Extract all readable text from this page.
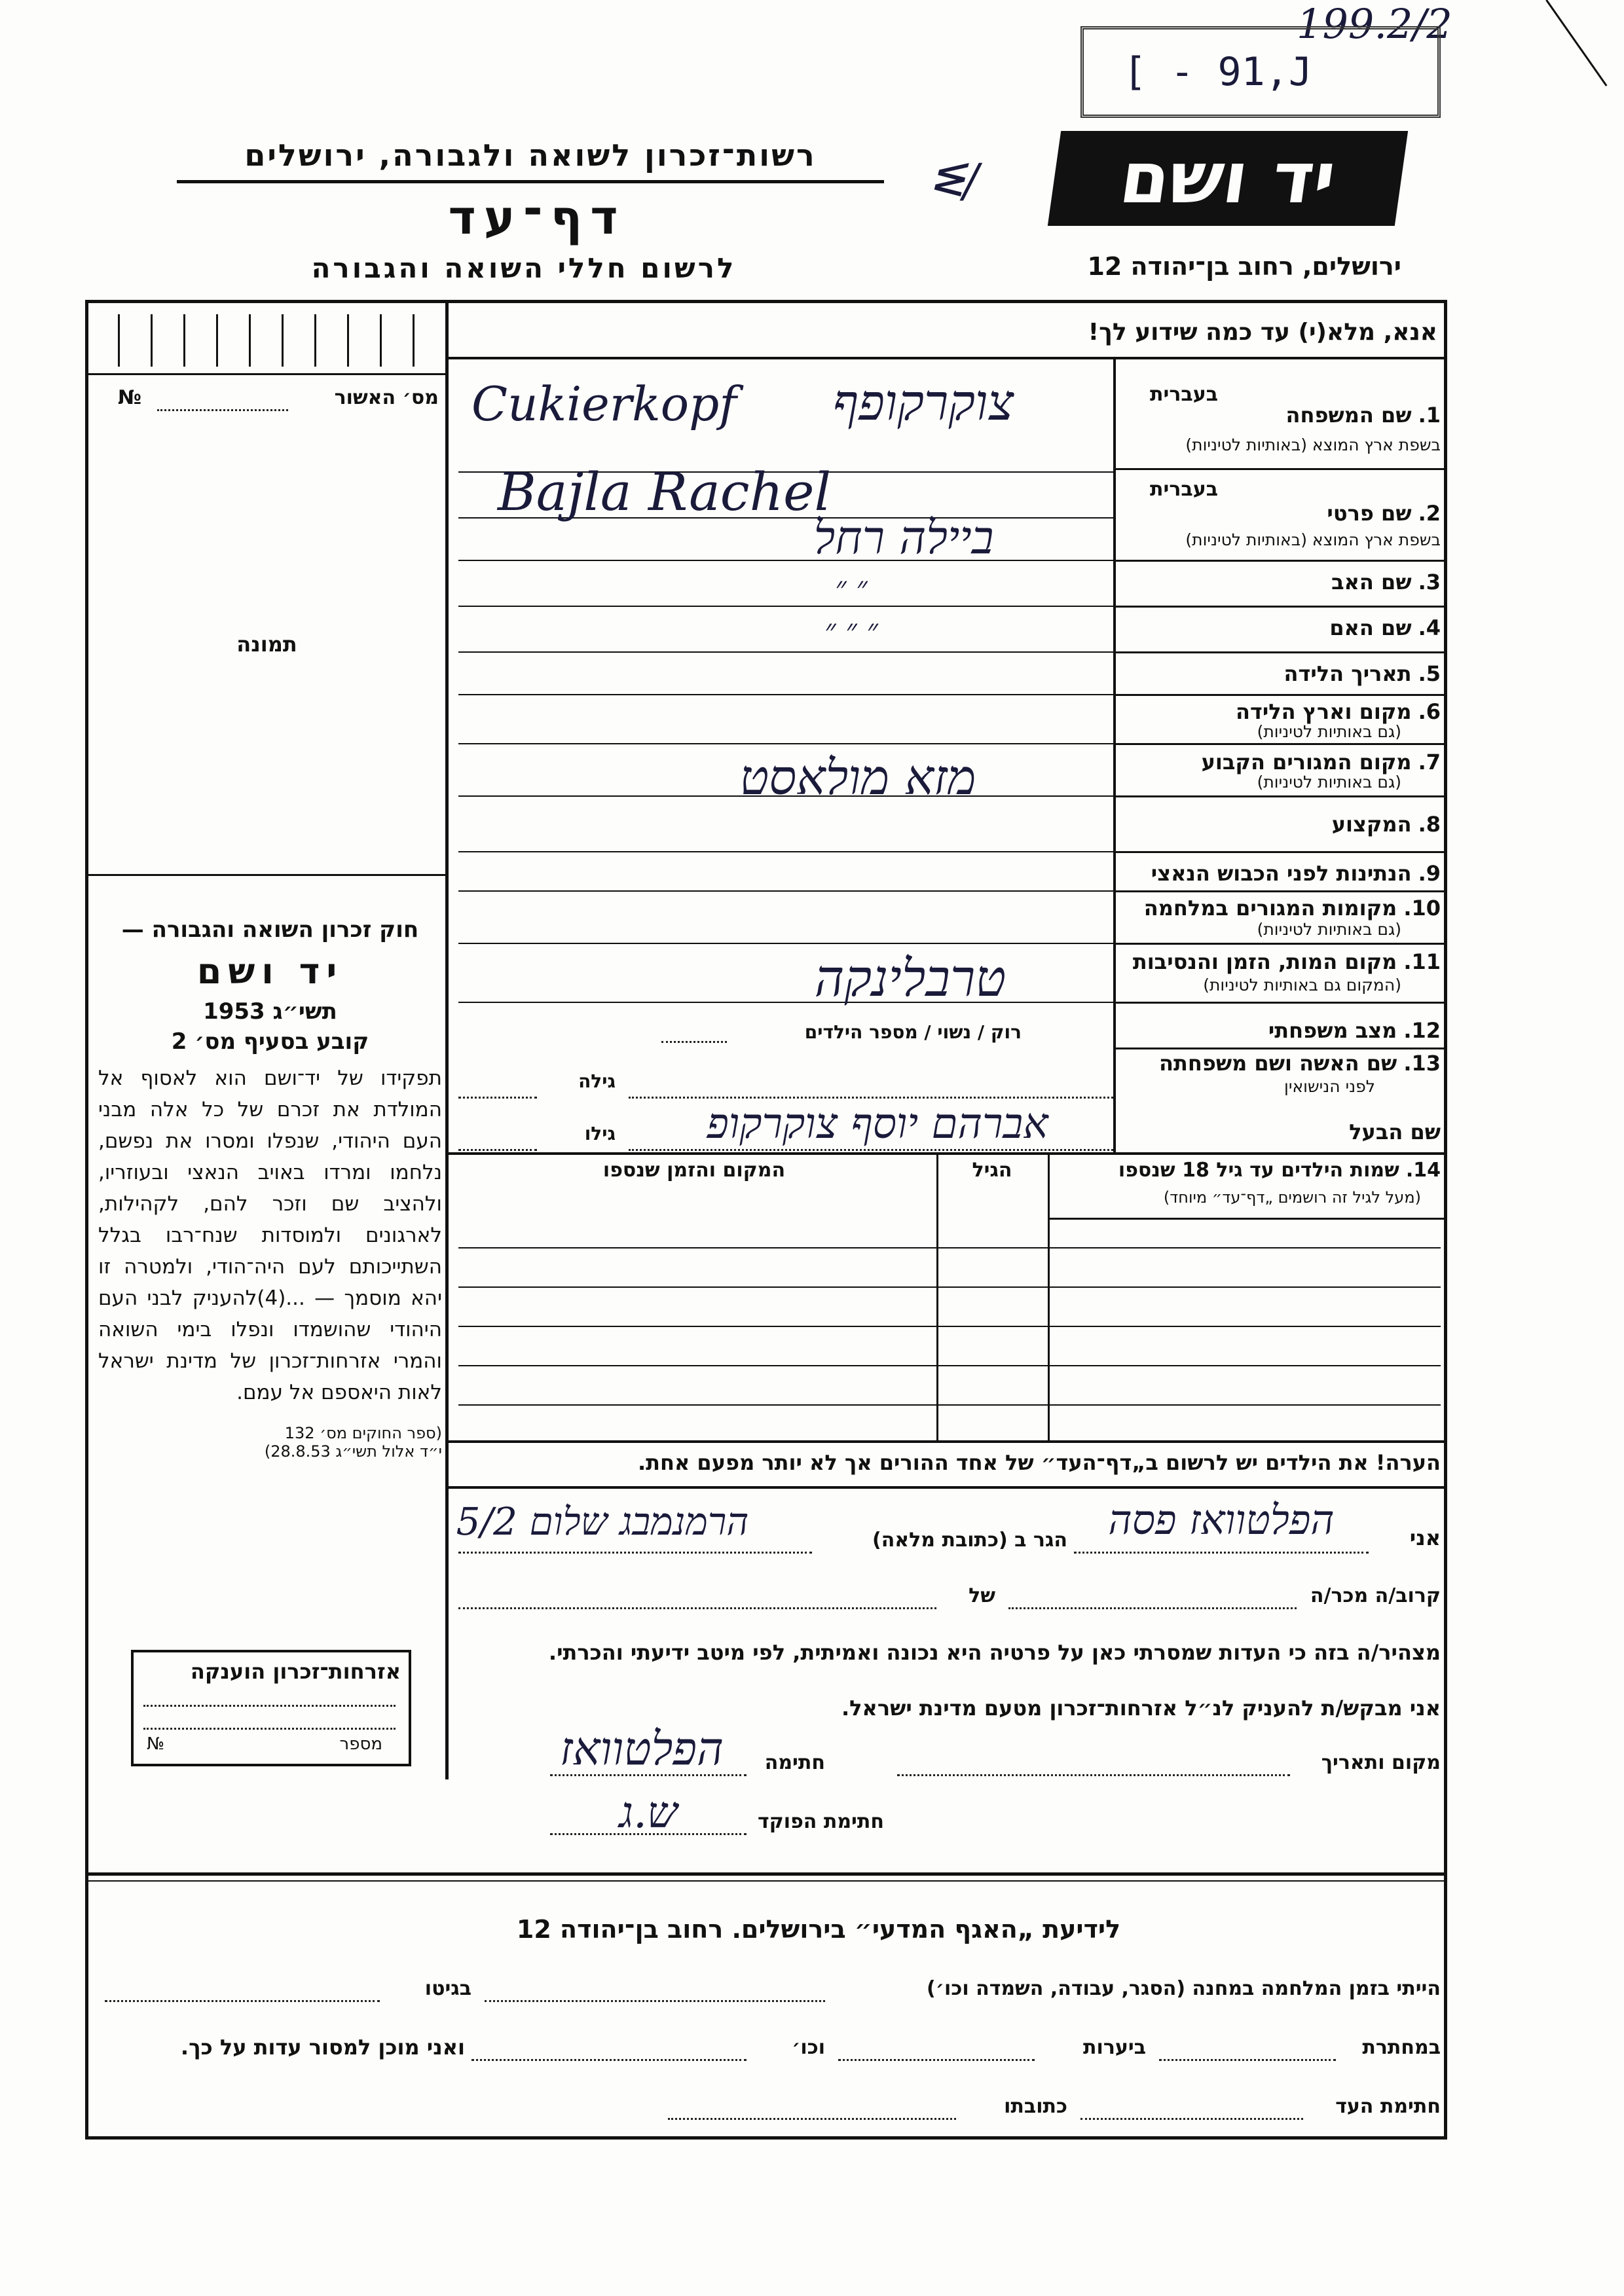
199.2/2
[ - 91,J
רשות־זכרון לשואה ולגבורה, ירושלים
דף־עד
לרשום חללי השואה והגבורה
יד ושם
ᓬ/
ירושלים, רחוב בן־יהודה 12
מס׳ האשור
№
תמונה

חוק זכרון השואה והגבורה —

יד ושם

תשי״ג 1953

קובע בסעיף מס׳ 2

תפקידו של יד־ושם הוא לאסוף אל המולדת את זכרם של כל אלה מבני העם היהודי, שנפלו ומסרו את נפשם, נלחמו ומרדו באויב הנאצי ובעוזריו, ולהציב שם וזכר להם, לקהילות, לארגונים ולמוסדות שנח־רבו בגלל השתייכותם לעם היה־הודי, ולמטרה זו יהא מוסמך — ...(4)להעניק לבני העם היהודי שהושמדו ונפלו בימי השואה והמרי אזרחות־זכרון של מדינת ישראל לאות היאספם אל עמם.

(ספר החוקים מס׳ 132

י״ד אלול תשי״ג 28.8.53)

אזרחות־זכרון הוענקה
מספר
№
אנא, מלא(י) עד כמה שידוע לך!
בעברית
1.שם המשפחה
בשפת ארץ המוצא (באותיות לטיניות)
Cukierkopf	צוקרקופף
בעברית
2.שם פרטי
בשפת ארץ המוצא (באותיות לטיניות)
Bajla Rachel
ביילה רחל
3.שם האב
״ ״
4.שם האם
״ ״ ״
5.תאריך הלידה
6.מקום וארץ הלידה
(גם באותיות לטיניות)
7.מקום המגורים הקבוע
(גם באותיות לטיניות)
מזא מולאסט
8.המקצוע
9.הנתינות לפני הכבוש הנאצי
10.מקומות המגורים במלחמה
(גם באותיות לטיניות)
11.מקום המות, הזמן והנסיבות
(המקום גם באותיות לטיניות)
טרבלינקה
12.מצב משפחתי
רוק / נשוי / מספר הילדים
13.שם האשה ושם משפחתה
לפני הנישואין
גילה
שם הבעל
אברהם יוסף צוקרקופ
גילו
14.שמות הילדים עד גיל 18 שנספו
(מעל לגיל זה רושמים „דף־עד״ מיוחד)
הגיל
המקום והזמן שנספו
הערה! את הילדים יש לרשום ב„דף־העד״ של אחד ההורים אך לא יותר מפעם אחת.
אני
הפלטוואז פסה
הגר ב (כתובת מלאה)
הרמנמבג שלום 5/2
קרוב/ה מכר/ה
של
מצהיר/ה בזה כי העדות שמסרתי כאן על פרטיה היא נכונה ואמיתית, לפי מיטב ידיעתי והכרתי.
אני מבקש/ת להעניק לנ״ל אזרחות־זכרון מטעם מדינת ישראל.
מקום ותאריך
חתימה
הפלטוואז
חתימת הפוקד
ש.ג
לידיעת „האגף המדעי״ בירושלים. רחוב בן־יהודה 12
הייתי בזמן המלחמה במחנה (הסגר, עבודה, השמדה וכו׳)
בגיטו
במחתרת
ביערות
וכו׳
ואני מוכן למסור עדות על כך.
חתימת העד
כתובתו
